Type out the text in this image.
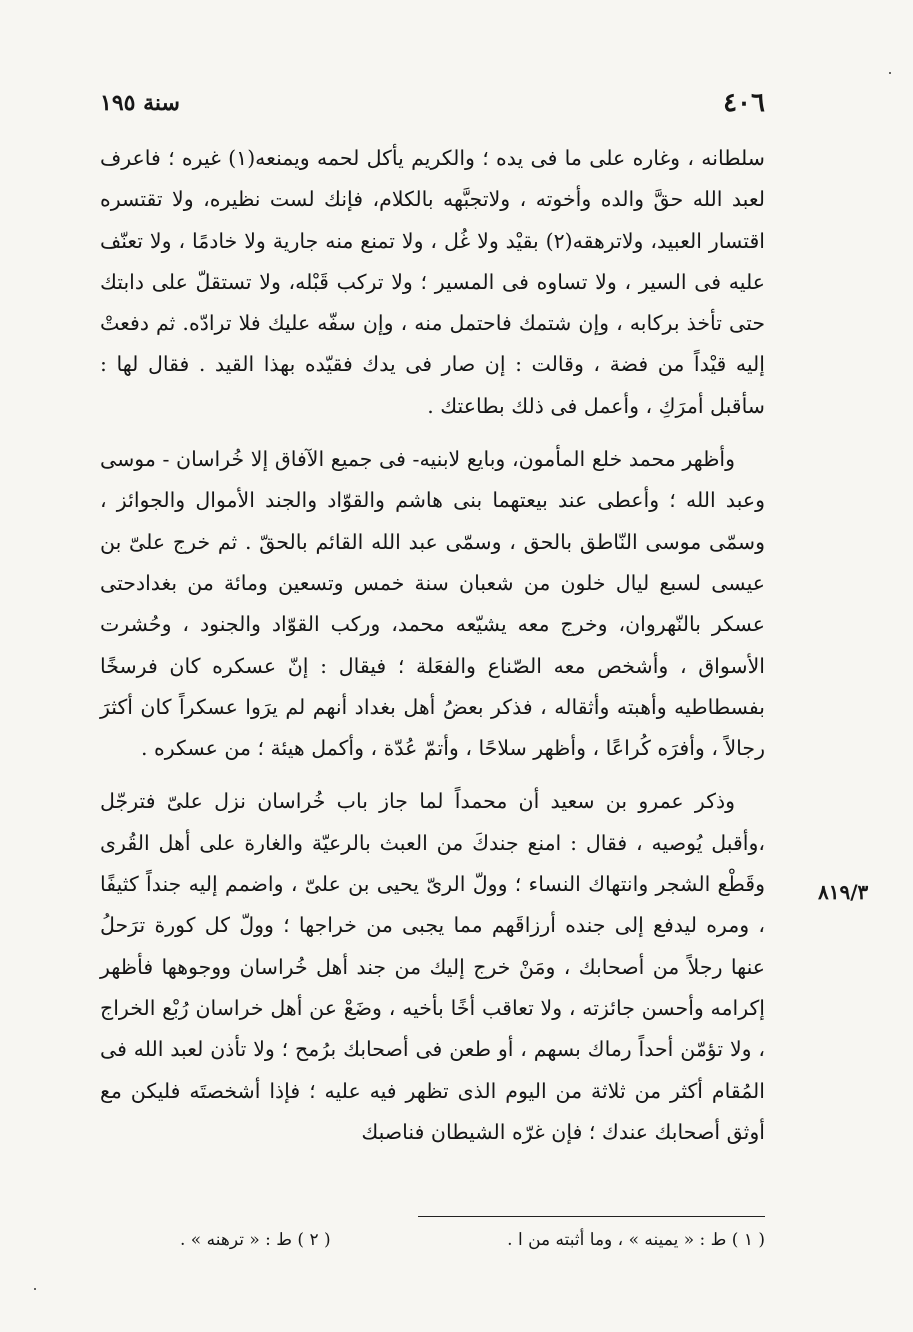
٤٠٦
سنة ١٩٥

سلطانه ، وغاره على ما فى يده ؛ والكريم يأكل لحمه ويمنعه(١) غيره ؛ فاعرف لعبد الله حقَّ والده وأخوته ، ولاتجبَّهه بالكلام، فإنك لست نظيره، ولا تقتسره اقتسار العبيد، ولاترهقه(٢) بقيْد ولا غُل ، ولا تمنع منه جارية ولا خادمًا ، ولا تعنّف عليه فى السير ، ولا تساوه فى المسير ؛ ولا تركب قَبْله، ولا تستقلّ على دابتك حتى تأخذ بركابه ، وإن شتمك فاحتمل منه ، وإن سفّه عليك فلا ترادّه. ثم دفعتْ إليه قيْداً من فضة ، وقالت : إن صار فى يدك فقيّده بهذا القيد . فقال لها : سأقبل أمرَكِ ، وأعمل فى ذلك بطاعتك .

وأظهر محمد خلع المأمون، وبايع لابنيه- فى جميع الآفاق إلا خُراسان - موسى وعبد الله ؛ وأعطى عند بيعتهما بنى هاشم والقوّاد والجند الأموال والجوائز ، وسمّى موسى النّاطق بالحق ، وسمّى عبد الله القائم بالحقّ . ثم خرج علىّ بن عيسى لسبع ليال خلون من شعبان سنة خمس وتسعين ومائة من بغدادحتى عسكر بالنّهروان، وخرج معه يشيّعه محمد، وركب القوّاد والجنود ، وحُشرت الأسواق ، وأشخص معه الصّناع والفعَلة ؛ فيقال : إنّ عسكره كان فرسخًا بفسطاطيه وأهبته وأثقاله ، فذكر بعضُ أهل بغداد أنهم لم يرَوا عسكراً كان أكثرَ رجالاً ، وأفرَه كُراعًا ، وأظهر سلاحًا ، وأتمّ عُدّة ، وأكمل هيئة ؛ من عسكره .

وذكر عمرو بن سعيد أن محمداً لما جاز باب خُراسان نزل علىّ فترجّل ،وأقبل يُوصيه ، فقال : امنع جندكَ من العبث بالرعيّة والغارة على أهل القُرى وقَطْع الشجر وانتهاك النساء ؛ وولّ الرىّ يحيى بن علىّ ، واضمم إليه جنداً كثيفًا ، ومره ليدفع إلى جنده أرزاقَهم مما يجبى من خراجها ؛ وولّ كل كورة ترَحلُ عنها رجلاً من أصحابك ، ومَنْ خرج إليك من جند أهل خُراسان ووجوهها فأظهر إكرامه وأحسن جائزته ، ولا تعاقب أخًا بأخيه ، وضَعْ عن أهل خراسان رُبْع الخراج ، ولا تؤمّن أحداً رماك بسهم ، أو طعن فى أصحابك برُمح ؛ ولا تأذن لعبد الله فى المُقام أكثر من ثلاثة من اليوم الذى تظهر فيه عليه ؛ فإذا أشخصتَه فليكن مع أوثق أصحابك عندك ؛ فإن غرّه الشيطان فناصبك

٨١٩/٣
( ١ ) ط : « يمينه » ، وما أثبته من ا .
( ٢ ) ط : « ترهنه » .
